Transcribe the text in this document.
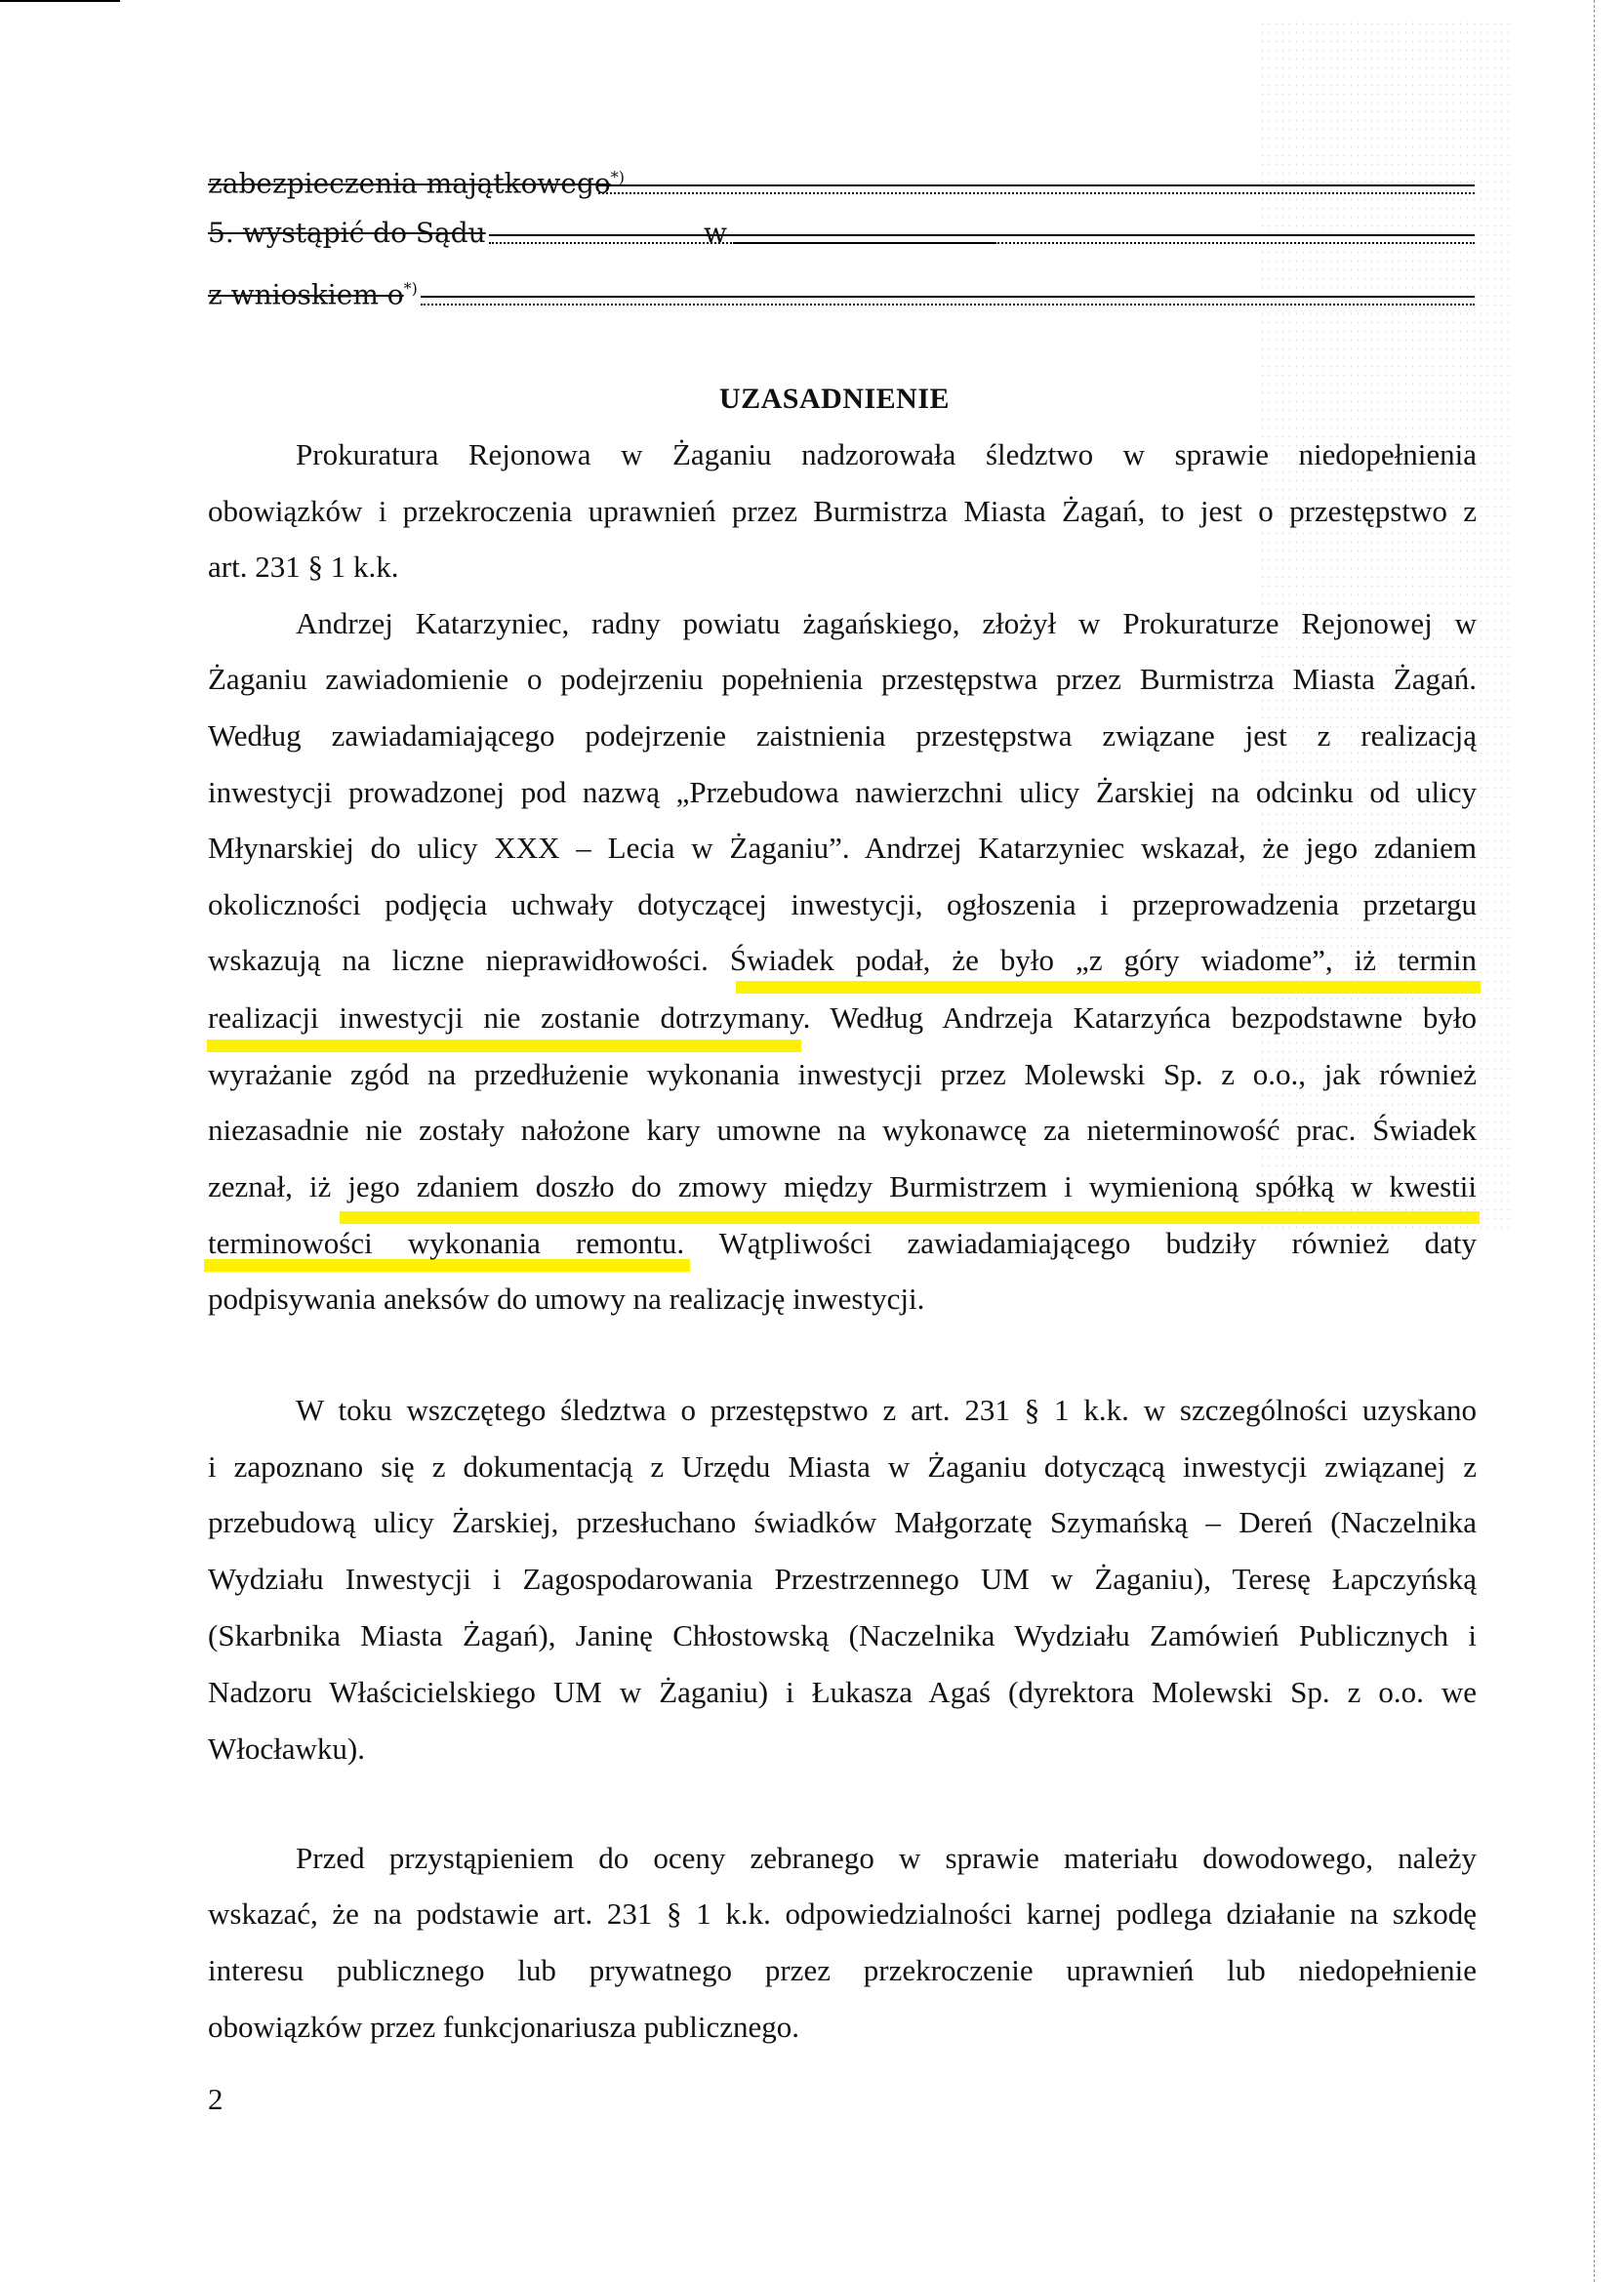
zabezpieczenia majątkowego*)
5. wystąpić do Sądu	w
z wnioskiem o*)
UZASADNIENIE
Prokuratura Rejonowa w Żaganiu nadzorowała śledztwo w sprawie niedopełnienia
obowiązków i przekroczenia uprawnień przez Burmistrza Miasta Żagań, to jest o przestępstwo z
art. 231 § 1 k.k.
Andrzej Katarzyniec, radny powiatu żagańskiego, złożył w Prokuraturze Rejonowej w
Żaganiu zawiadomienie o podejrzeniu popełnienia przestępstwa przez Burmistrza Miasta Żagań.
Według zawiadamiającego podejrzenie zaistnienia przestępstwa związane jest z realizacją
inwestycji prowadzonej pod nazwą „Przebudowa nawierzchni ulicy Żarskiej na odcinku od ulicy
Młynarskiej do ulicy XXX – Lecia w Żaganiu”. Andrzej Katarzyniec wskazał, że jego zdaniem
okoliczności podjęcia uchwały dotyczącej inwestycji, ogłoszenia i przeprowadzenia przetargu
wskazują na liczne nieprawidłowości. Świadek podał, że było „z góry wiadome”, iż termin
realizacji inwestycji nie zostanie dotrzymany. Według Andrzeja Katarzyńca bezpodstawne było
wyrażanie zgód na przedłużenie wykonania inwestycji przez Molewski Sp. z o.o., jak również
niezasadnie nie zostały nałożone kary umowne na wykonawcę za nieterminowość prac. Świadek
zeznał, iż jego zdaniem doszło do zmowy między Burmistrzem i wymienioną spółką w kwestii
terminowości wykonania remontu. Wątpliwości zawiadamiającego budziły również daty
podpisywania aneksów do umowy na realizację inwestycji.
W toku wszczętego śledztwa o przestępstwo z art. 231 § 1 k.k. w szczególności uzyskano
i zapoznano się z dokumentacją z Urzędu Miasta w Żaganiu dotyczącą inwestycji związanej z
przebudową ulicy Żarskiej, przesłuchano świadków Małgorzatę Szymańską – Dereń (Naczelnika
Wydziału Inwestycji i Zagospodarowania Przestrzennego UM w Żaganiu), Teresę Łapczyńską
(Skarbnika Miasta Żagań), Janinę Chłostowską (Naczelnika Wydziału Zamówień Publicznych i
Nadzoru Właścicielskiego UM w Żaganiu) i Łukasza Agaś (dyrektora Molewski Sp. z o.o. we
Włocławku).
Przed przystąpieniem do oceny zebranego w sprawie materiału dowodowego, należy
wskazać, że na podstawie art. 231 § 1 k.k. odpowiedzialności karnej podlega działanie na szkodę
interesu publicznego lub prywatnego przez przekroczenie uprawnień lub niedopełnienie
obowiązków przez funkcjonariusza publicznego.
2
